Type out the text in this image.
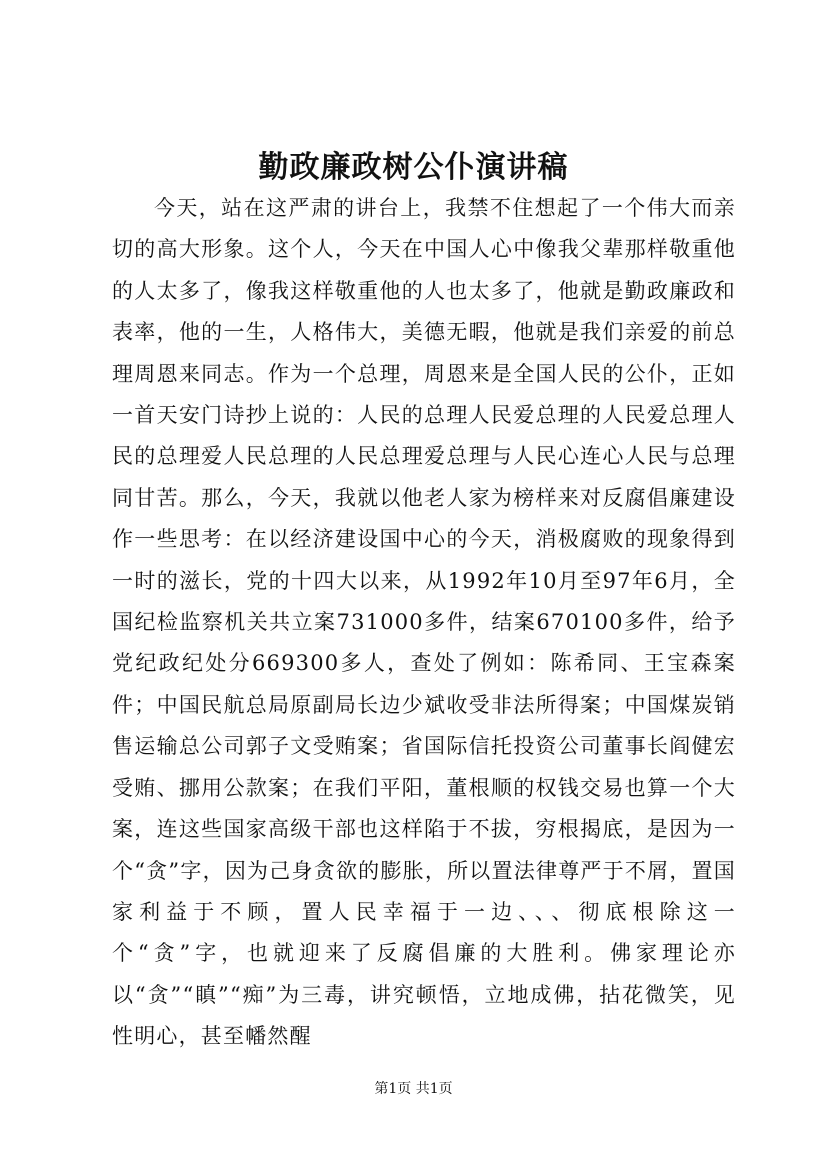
勤政廉政树公仆演讲稿

今天，站在这严肃的讲台上，我禁不住想起了一个伟大而亲切的高大形象。这个人，今天在中国人心中像我父辈那样敬重他的人太多了，像我这样敬重他的人也太多了，他就是勤政廉政和表率，他的一生，人格伟大，美德无暇，他就是我们亲爱的前总理周恩来同志。作为一个总理，周恩来是全国人民的公仆，正如一首天安门诗抄上说的：人民的总理人民爱总理的人民爱总理人民的总理爱人民总理的人民总理爱总理与人民心连心人民与总理同甘苦。那么，今天，我就以他老人家为榜样来对反腐倡廉建设作一些思考：在以经济建设国中心的今天，消极腐败的现象得到一时的滋长，党的十四大以来，从1992年10月至97年6月，全国纪检监察机关共立案731000多件，结案670100多件，给予党纪政纪处分669300多人，查处了例如：陈希同、王宝森案件；中国民航总局原副局长边少斌收受非法所得案；中国煤炭销售运输总公司郭子文受贿案；省国际信托投资公司董事长阎健宏受贿、挪用公款案；在我们平阳，董根顺的权钱交易也算一个大案，连这些国家高级干部也这样陷于不拔，穷根揭底，是因为一个“贪”字，因为己身贪欲的膨胀，所以置法律尊严于不屑，置国家利益于不顾，置人民幸福于一边、、、彻底根除这一个“贪”字，也就迎来了反腐倡廉的大胜利。佛家理论亦以“贪”“瞋”“痴”为三毒，讲究顿悟，立地成佛，拈花微笑，见性明心，甚至幡然醒

第1页 共1页
